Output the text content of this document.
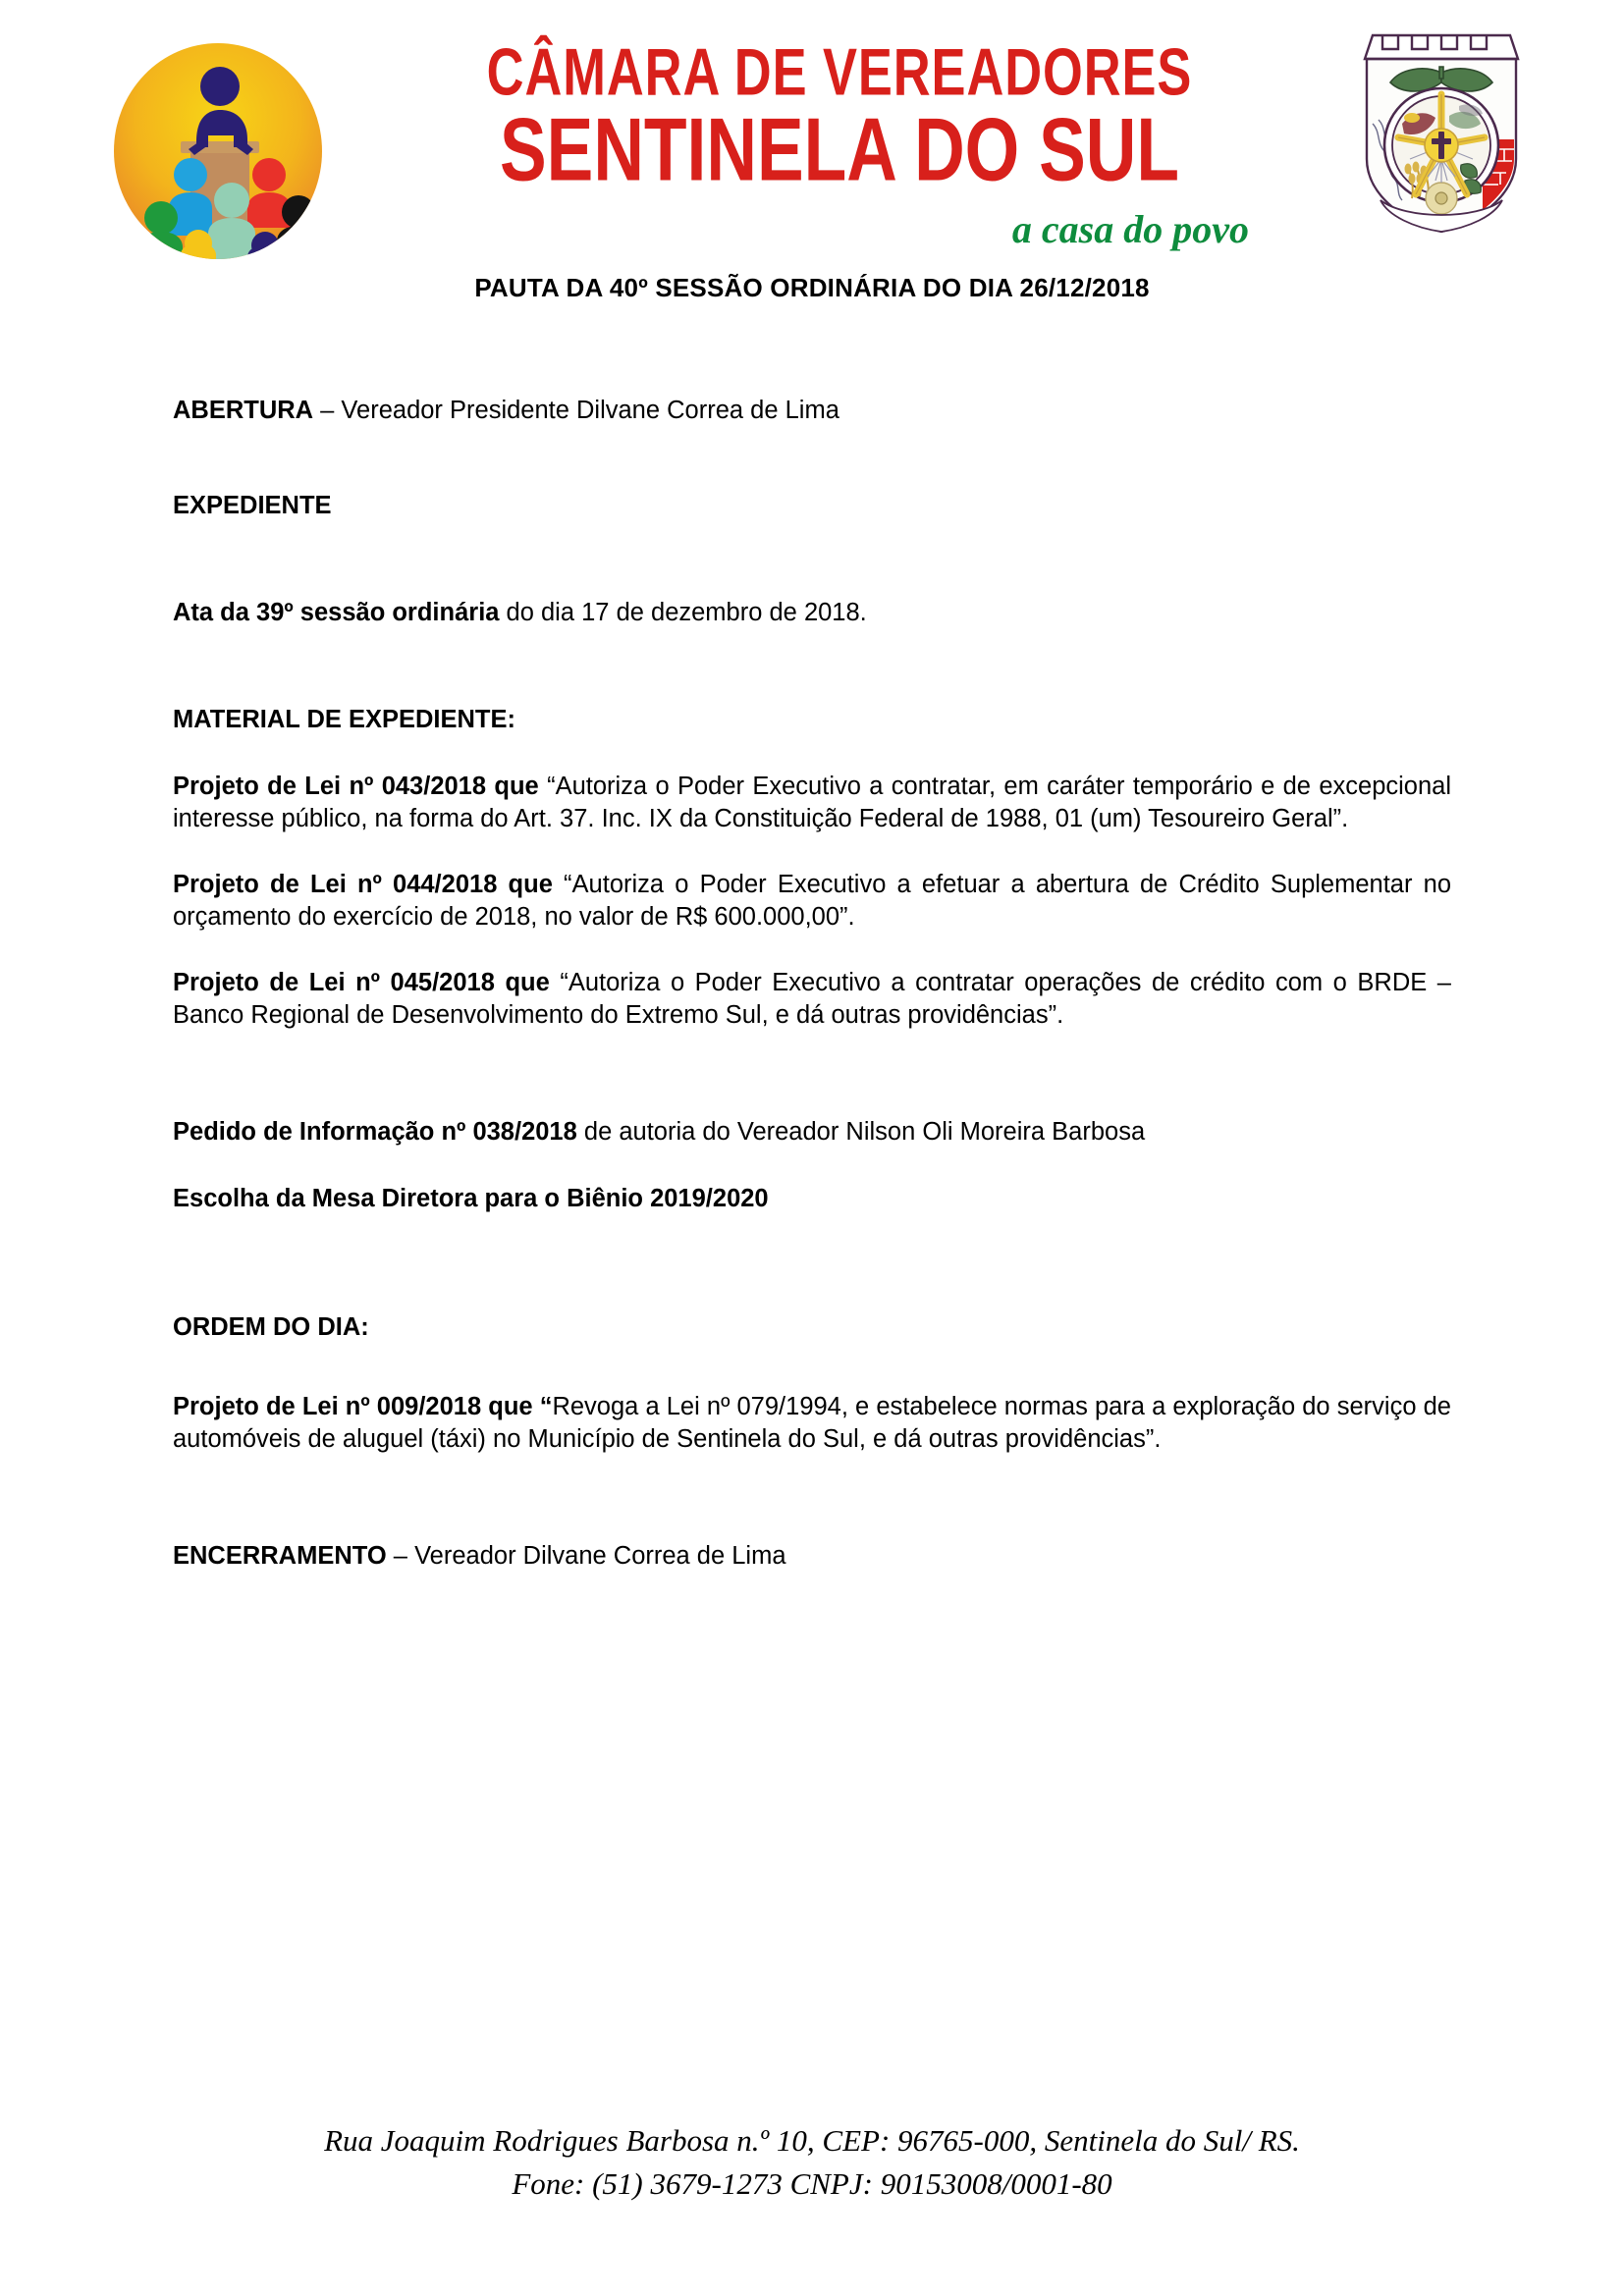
CÂMARA DE VEREADORES
SENTINELA DO SUL
a casa do povo
PAUTA DA 40º SESSÃO ORDINÁRIA DO DIA 26/12/2018

ABERTURA – Vereador Presidente Dilvane Correa de Lima

EXPEDIENTE

Ata da 39º sessão ordinária do dia 17 de dezembro de 2018.

MATERIAL DE EXPEDIENTE:

Projeto de Lei nº 043/2018 que “Autoriza o Poder Executivo a contratar, em caráter temporário e de excepcional interesse público, na forma do Art. 37. Inc. IX da Constituição Federal de 1988, 01 (um) Tesoureiro Geral”.

Projeto de Lei nº 044/2018 que “Autoriza o Poder Executivo a efetuar a abertura de Crédito Suplementar no orçamento do exercício de 2018, no valor de R$ 600.000,00”.

Projeto de Lei nº 045/2018 que “Autoriza o Poder Executivo a contratar operações de crédito com o BRDE – Banco Regional de Desenvolvimento do Extremo Sul, e dá outras providências”.

Pedido de Informação nº 038/2018 de autoria do Vereador Nilson Oli Moreira Barbosa

Escolha da Mesa Diretora para o Biênio 2019/2020

ORDEM DO DIA:

Projeto de Lei nº 009/2018 que “Revoga a Lei nº 079/1994, e estabelece normas para a exploração do serviço de automóveis de aluguel (táxi) no Município de Sentinela do Sul, e dá outras providências”.

ENCERRAMENTO – Vereador Dilvane Correa de Lima

Rua Joaquim Rodrigues Barbosa n.º 10, CEP: 96765-000, Sentinela do Sul/ RS.
Fone: (51) 3679-1273 CNPJ: 90153008/0001-80
